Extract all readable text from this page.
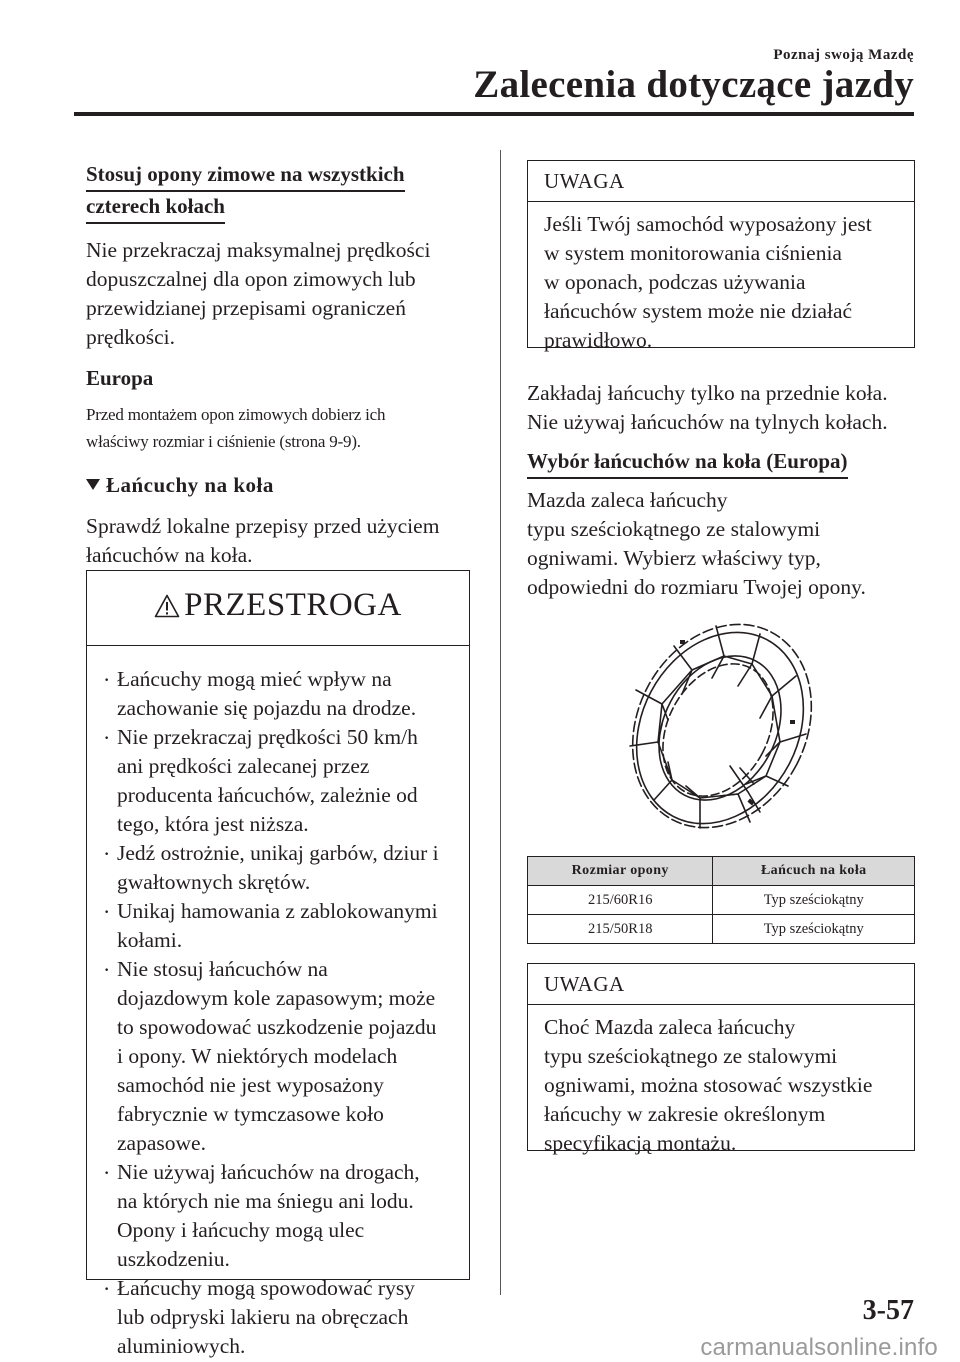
Poznaj swoją Mazdę
Zalecenia dotyczące jazdy
Stosuj opony zimowe na wszystkich
czterech kołach

Nie przekraczaj maksymalnej prędkości

dopuszczalnej dla opon zimowych lub

przewidzianej przepisami ograniczeń

prędkości.

Europa

Przed montażem opon zimowych dobierz ich

właściwy rozmiar i ciśnienie (strona 9-9).

Łańcuchy na koła

Sprawdź lokalne przepisy przed użyciem

łańcuchów na koła.

PRZESTROGA
· Łańcuchy mogą mieć wpływ na
zachowanie się pojazdu na drodze.
· Nie przekraczaj prędkości 50 km/h
ani prędkości zalecanej przez
producenta łańcuchów, zależnie od
tego, która jest niższa.
· Jedź ostrożnie, unikaj garbów, dziur i
gwałtownych skrętów.
· Unikaj hamowania z zablokowanymi
kołami.
· Nie stosuj łańcuchów na
dojazdowym kole zapasowym; może
to spowodować uszkodzenie pojazdu
i opony. W niektórych modelach
samochód nie jest wyposażony
fabrycznie w tymczasowe koło
zapasowe.
· Nie używaj łańcuchów na drogach,
na których nie ma śniegu ani lodu.
Opony i łańcuchy mogą ulec
uszkodzeniu.
· Łańcuchy mogą spowodować rysy
lub odpryski lakieru na obręczach
aluminiowych.
UWAGA
Jeśli Twój samochód wyposażony jest
w system monitorowania ciśnienia
w oponach, podczas używania
łańcuchów system może nie działać
prawidłowo.

Zakładaj łańcuchy tylko na przednie koła.

Nie używaj łańcuchów na tylnych kołach.

Wybór łańcuchów na koła (Europa)

Mazda zaleca łańcuchy

typu sześciokątnego ze stalowymi

ogniwami. Wybierz właściwy typ,

odpowiedni do rozmiaru Twojej opony.

Rozmiar opony	Łańcuch na koła
215/60R16	Typ sześciokątny
215/50R18	Typ sześciokątny
UWAGA
Choć Mazda zaleca łańcuchy
typu sześciokątnego ze stalowymi
ogniwami, można stosować wszystkie
łańcuchy w zakresie określonym
specyfikacją montażu.
3-57
carmanualsonline.info
